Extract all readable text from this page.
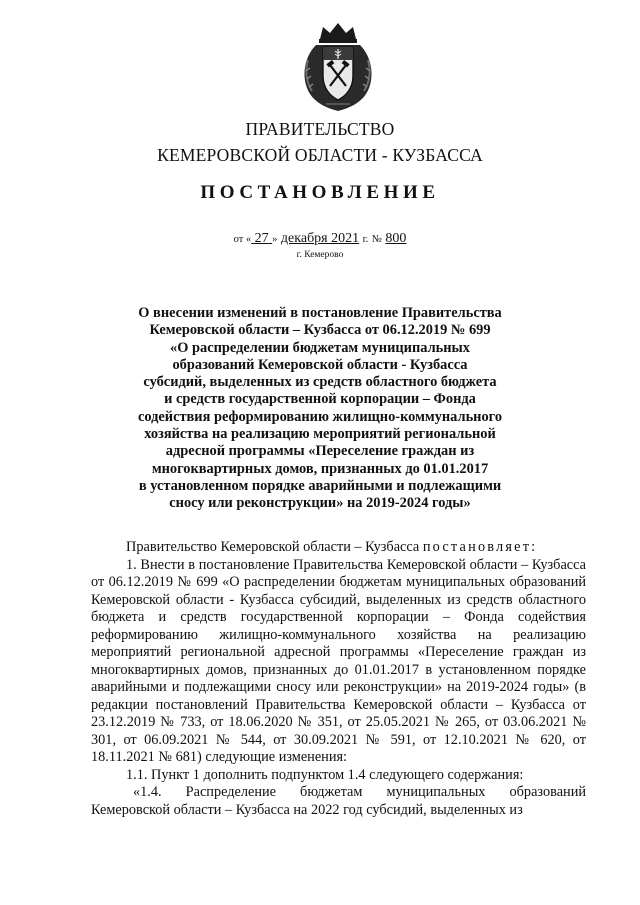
ПРАВИТЕЛЬСТВО
КЕМЕРОВСКОЙ ОБЛАСТИ - КУЗБАССА
ПОСТАНОВЛЕНИЕ
от « 27 » декабря 2021 г. № 800
г. Кемерово
О внесении изменений в постановление Правительства
Кемеровской области – Кузбасса от 06.12.2019 № 699
«О распределении бюджетам муниципальных
образований Кемеровской области - Кузбасса
субсидий, выделенных из средств областного бюджета
и средств государственной корпорации – Фонда
содействия реформированию жилищно-коммунального
хозяйства на реализацию мероприятий региональной
адресной программы «Переселение граждан из
многоквартирных домов, признанных до 01.01.2017
в установленном порядке аварийными и подлежащими
сносу или реконструкции» на 2019-2024 годы»
Правительство Кемеровской области – Кузбасса постановляет:

1. Внести в постановление Правительства Кемеровской области – Кузбасса от 06.12.2019 № 699 «О распределении бюджетам муниципальных образований Кемеровской области - Кузбасса субсидий, выделенных из средств областного бюджета и средств государственной корпорации – Фонда содействия реформированию жилищно-коммунального хозяйства на реализацию мероприятий региональной адресной программы «Переселение граждан из многоквартирных домов, признанных до 01.01.2017 в установленном порядке аварийными и подлежащими сносу или реконструкции» на 2019-2024 годы» (в редакции постановлений Правительства Кемеровской области – Кузбасса от 23.12.2019 № 733, от 18.06.2020 № 351, от 25.05.2021 № 265, от 03.06.2021 № 301, от 06.09.2021 № 544, от 30.09.2021 № 591, от 12.10.2021 № 620, от 18.11.2021 № 681) следующие изменения:

1.1. Пункт 1 дополнить подпунктом 1.4 следующего содержания:

«1.4. Распределение бюджетам муниципальных образований Кемеровской области – Кузбасса на 2022 год субсидий, выделенных из
